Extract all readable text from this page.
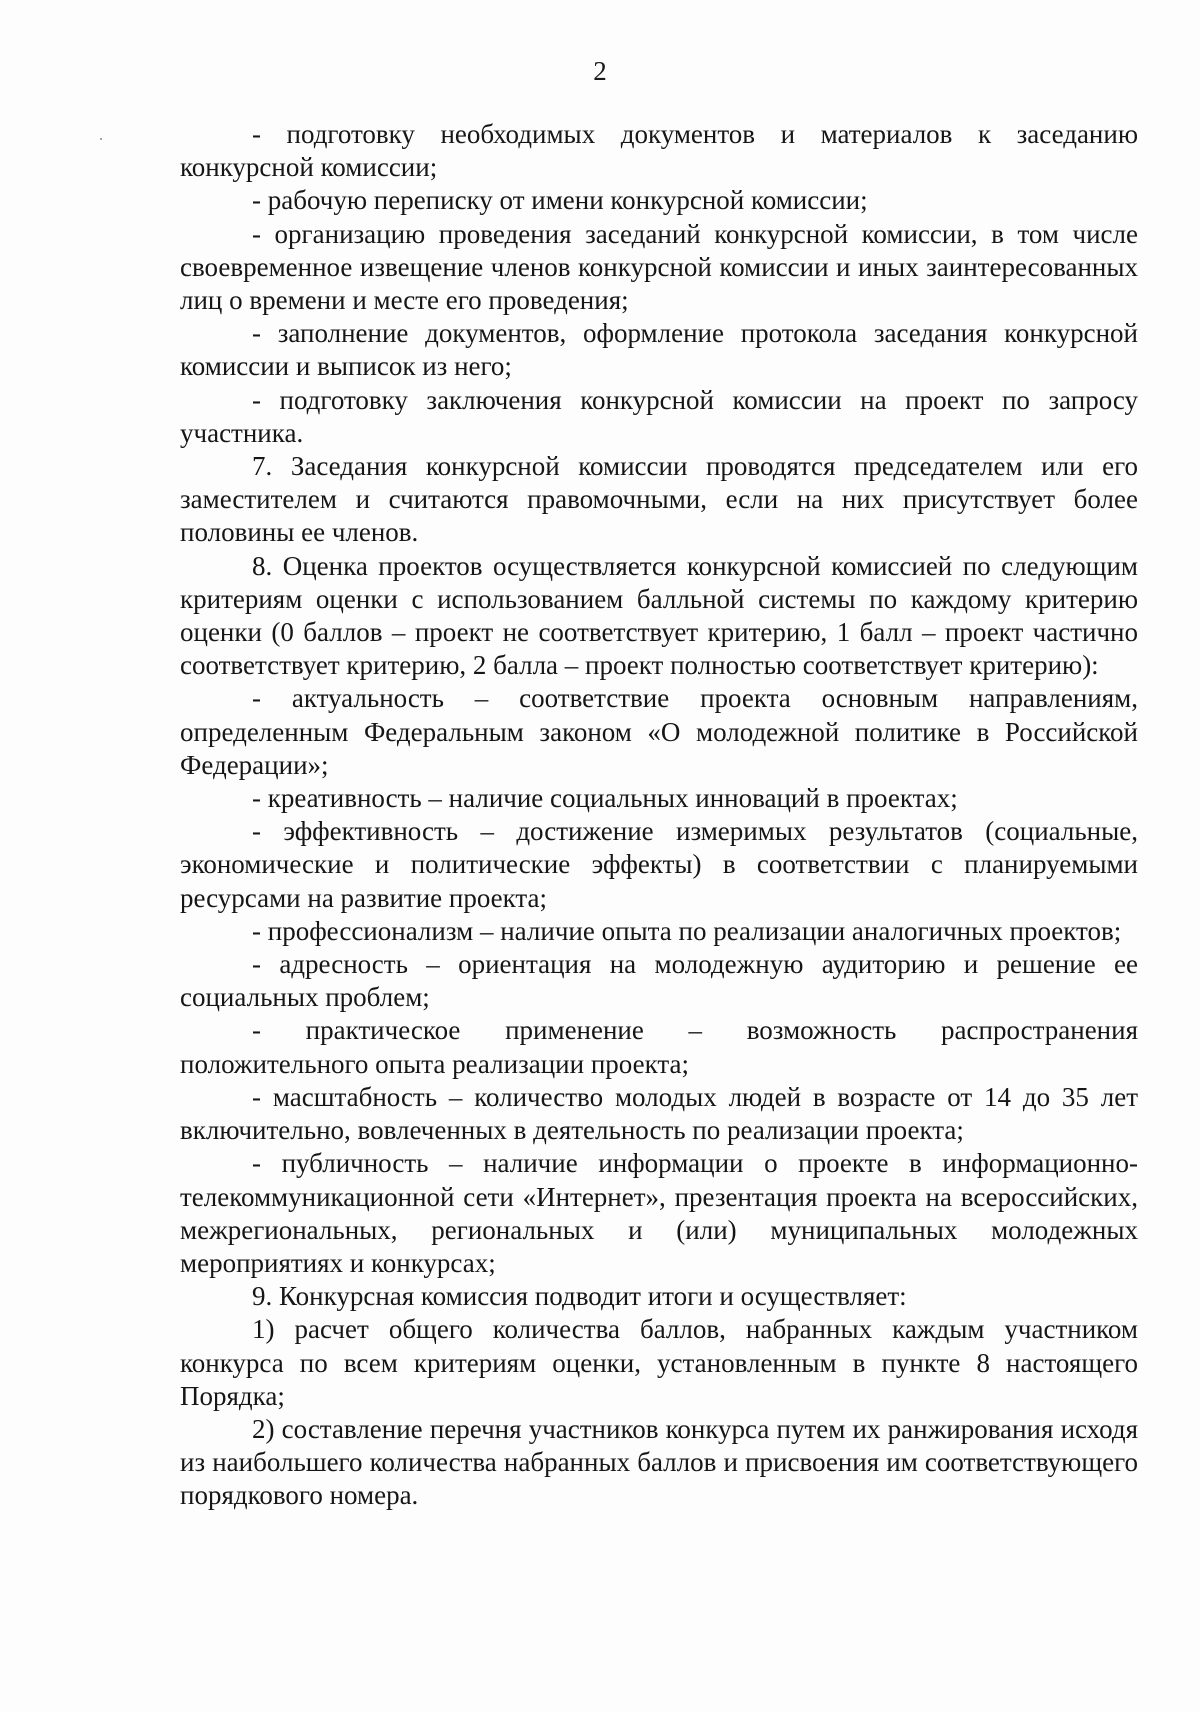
2

- подготовку необходимых документов и материалов к заседанию конкурсной комиссии;

- рабочую переписку от имени конкурсной комиссии;

- организацию проведения заседаний конкурсной комиссии, в том числе своевременное извещение членов конкурсной комиссии и иных заинтересованных лиц о времени и месте его проведения;

- заполнение документов, оформление протокола заседания конкурсной комиссии и выписок из него;

- подготовку заключения конкурсной комиссии на проект по запросу участника.

7. Заседания конкурсной комиссии проводятся председателем или его заместителем и считаются правомочными, если на них присутствует более половины ее членов.

8. Оценка проектов осуществляется конкурсной комиссией по следующим критериям оценки с использованием балльной системы по каждому критерию оценки (0 баллов – проект не соответствует критерию, 1 балл – проект частично соответствует критерию, 2 балла – проект полностью соответствует критерию):

- актуальность – соответствие проекта основным направлениям, определенным Федеральным законом «О молодежной политике в Российской Федерации»;

- креативность – наличие социальных инноваций в проектах;

- эффективность – достижение измеримых результатов (социальные, экономические и политические эффекты) в соответствии с планируемыми ресурсами на развитие проекта;

- профессионализм – наличие опыта по реализации аналогичных проектов;

- адресность – ориентация на молодежную аудиторию и решение ее социальных проблем;

- практическое применение – возможность распространения положительного опыта реализации проекта;

- масштабность – количество молодых людей в возрасте от 14 до 35 лет включительно, вовлеченных в деятельность по реализации проекта;

- публичность – наличие информации о проекте в информационно-телекоммуникационной сети «Интернет», презентация проекта на всероссийских, межрегиональных, региональных и (или) муниципальных молодежных мероприятиях и конкурсах;

9. Конкурсная комиссия подводит итоги и осуществляет:

1) расчет общего количества баллов, набранных каждым участником конкурса по всем критериям оценки, установленным в пункте 8 настоящего Порядка;

2) составление перечня участников конкурса путем их ранжирования исходя из наибольшего количества набранных баллов и присвоения им соответствующего порядкового номера.
